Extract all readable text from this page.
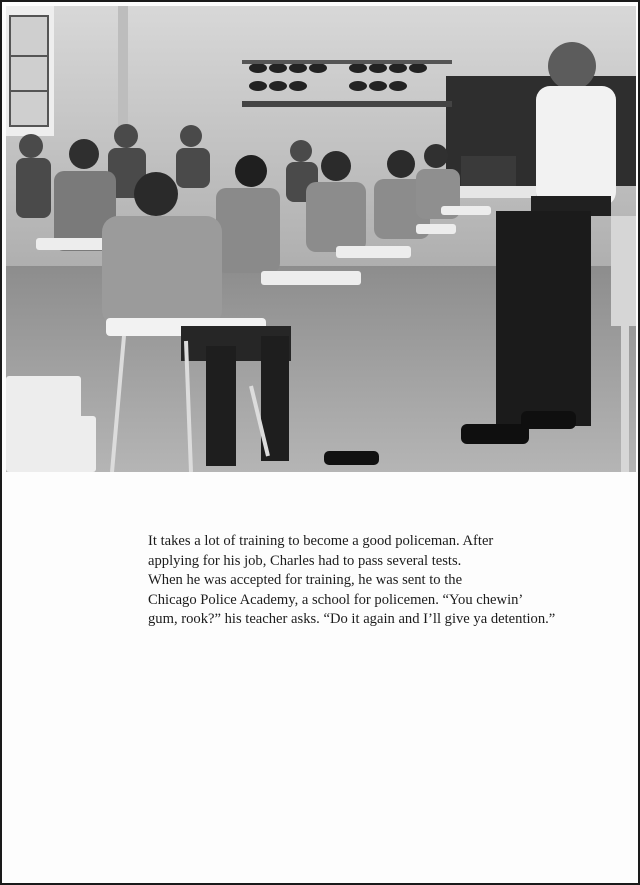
It takes a lot of training to become a good policeman. After
applying for his job, Charles had to pass several tests.
When he was accepted for training, he was sent to the
Chicago Police Academy, a school for policemen. “You chewin’
gum, rook?” his teacher asks. “Do it again and I’ll give ya detention.”
